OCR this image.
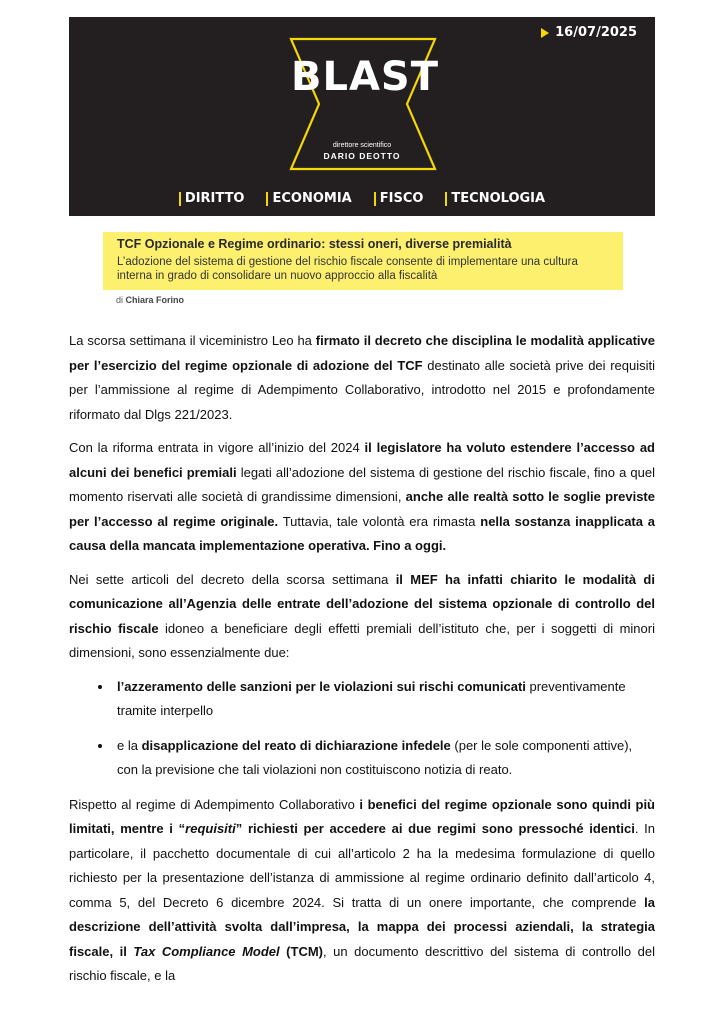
16/07/2025
BLAST
direttore scientifico
DARIO DEOTTO
DIRITTO ECONOMIA FISCO TECNOLOGIA
TCF Opzionale e Regime ordinario: stessi oneri, diverse premialità
L’adozione del sistema di gestione del rischio fiscale consente di implementare una cultura interna in grado di consolidare un nuovo approccio alla fiscalità
di Chiara Forino

La scorsa settimana il viceministro Leo ha firmato il decreto che disciplina le modalità applicative per l’esercizio del regime opzionale di adozione del TCF destinato alle società prive dei requisiti per l’ammissione al regime di Adempimento Collaborativo, introdotto nel 2015 e profondamente riformato dal Dlgs 221/2023.

Con la riforma entrata in vigore all’inizio del 2024 il legislatore ha voluto estendere l’accesso ad alcuni dei benefici premiali legati all’adozione del sistema di gestione del rischio fiscale, fino a quel momento riservati alle società di grandissime dimensioni, anche alle realtà sotto le soglie previste per l’accesso al regime originale. Tuttavia, tale volontà era rimasta nella sostanza inapplicata a causa della mancata implementazione operativa. Fino a oggi.

Nei sette articoli del decreto della scorsa settimana il MEF ha infatti chiarito le modalità di comunicazione all’Agenzia delle entrate dell’adozione del sistema opzionale di controllo del rischio fiscale idoneo a beneficiare degli effetti premiali dell’istituto che, per i soggetti di minori dimensioni, sono essenzialmente due:

• l’azzeramento delle sanzioni per le violazioni sui rischi comunicati preventivamente tramite interpello
• e la disapplicazione del reato di dichiarazione infedele (per le sole componenti attive), con la previsione che tali violazioni non costituiscono notizia di reato.

Rispetto al regime di Adempimento Collaborativo i benefici del regime opzionale sono quindi più limitati, mentre i “requisiti” richiesti per accedere ai due regimi sono pressoché identici. In particolare, il pacchetto documentale di cui all’articolo 2 ha la medesima formulazione di quello richiesto per la presentazione dell’istanza di ammissione al regime ordinario definito dall’articolo 4, comma 5, del Decreto 6 dicembre 2024. Si tratta di un onere importante, che comprende la descrizione dell’attività svolta dall’impresa, la mappa dei processi aziendali, la strategia fiscale, il Tax Compliance Model (TCM), un documento descrittivo del sistema di controllo del rischio fiscale, e la
